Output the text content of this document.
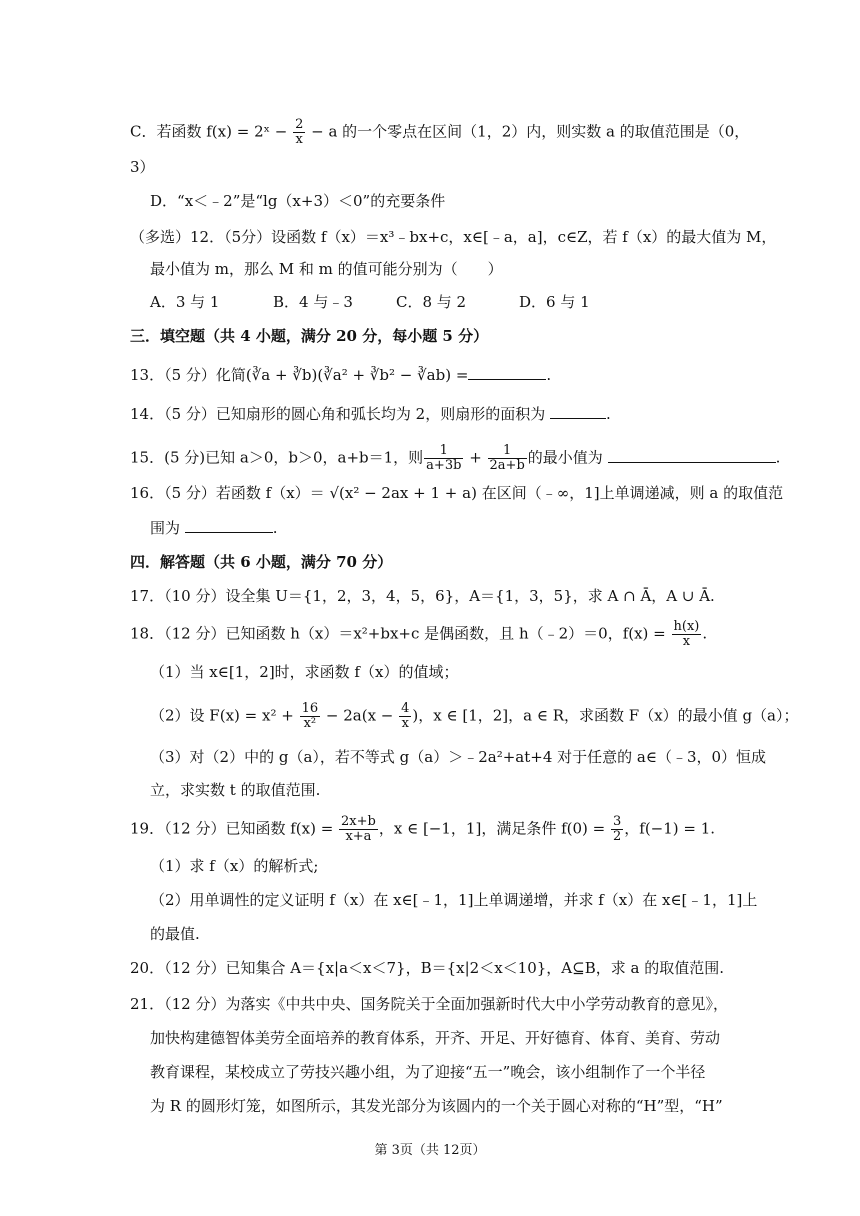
C．若函数 f(x) = 2ˣ − $\frac{2}{x} - a$ 的一个零点在区间（1，2）内，则实数 a 的取值范围是（0，
3）
D．“x＜﹣2”是“lg（x+3）＜0”的充要条件
（多选）12．（5分）设函数 f（x）＝x³﹣bx+c，x∈[﹣a，a]，c∈Z，若 f（x）的最大值为 M，
最小值为 m，那么 M 和 m 的值可能分别为（　　）
A．3 与 1	B．4 与﹣3	C．8 与 2	D．6 与 1
三．填空题（共 4 小题，满分 20 分，每小题 5 分）
13．（5 分）化简(∛a + ∛b)(∛a² + ∛b² − ∛ab) =	.
14．（5 分）已知扇形的圆心角和弧长均为 2，则扇形的面积为	.
15．(5 分)已知 a＞0，b＞0，a+b＝1，则 $\frac{1}{a+3b} + \frac{1}{2a+b}$ 的最小值为	.
16．（5 分）若函数 f（x）＝ √(x² − 2ax + 1 + a) 在区间（﹣∞，1]上单调递减，则 a 的取值范
围为	.
四．解答题（共 6 小题，满分 70 分）
17．（10 分）设全集 U＝{1，2，3，4，5，6}，A＝{1，3，5}，求 A ∩ Ā，A ∪ Ā.
18．（12 分）已知函数 h（x）＝x²+bx+c 是偶函数，且 h（﹣2）＝0，$f(x) = \frac{h(x)}{x}$ .
（1）当 x∈[1，2]时，求函数 f（x）的值域；
（2）设 $F(x) = x^2 + \frac{16}{\text{x²}} - 2a(x - \frac{4}{x}$ )，x ∈ [1，2]，a ∈ R，求函数 F（x）的最小值 g（a）；
（3）对（2）中的 g（a），若不等式 g（a）＞﹣2a²+at+4 对于任意的 a∈（﹣3，0）恒成
立，求实数 t 的取值范围.
19．（12 分）已知函数 $f(x) = \frac{2x+b}{x+a}$ ，x ∈ [−1，1]，满足条件 $f(0) = \frac{3}{2}$ ，f(−1) = 1.
（1）求 f（x）的解析式;
（2）用单调性的定义证明 f（x）在 x∈[﹣1，1]上单调递增，并求 f（x）在 x∈[﹣1，1]上
的最值.
20．（12 分）已知集合 A＝{x|a＜x＜7}，B＝{x|2＜x＜10}，A⊆B，求 a 的取值范围.
21．（12 分）为落实《中共中央、国务院关于全面加强新时代大中小学劳动教育的意见》，
加快构建德智体美劳全面培养的教育体系，开齐、开足、开好德育、体育、美育、劳动
教育课程，某校成立了劳技兴趣小组，为了迎接“五一”晚会，该小组制作了一个半径
为 R 的圆形灯笼，如图所示，其发光部分为该圆内的一个关于圆心对称的“H”型，“H”
第 3页（共 12页）
